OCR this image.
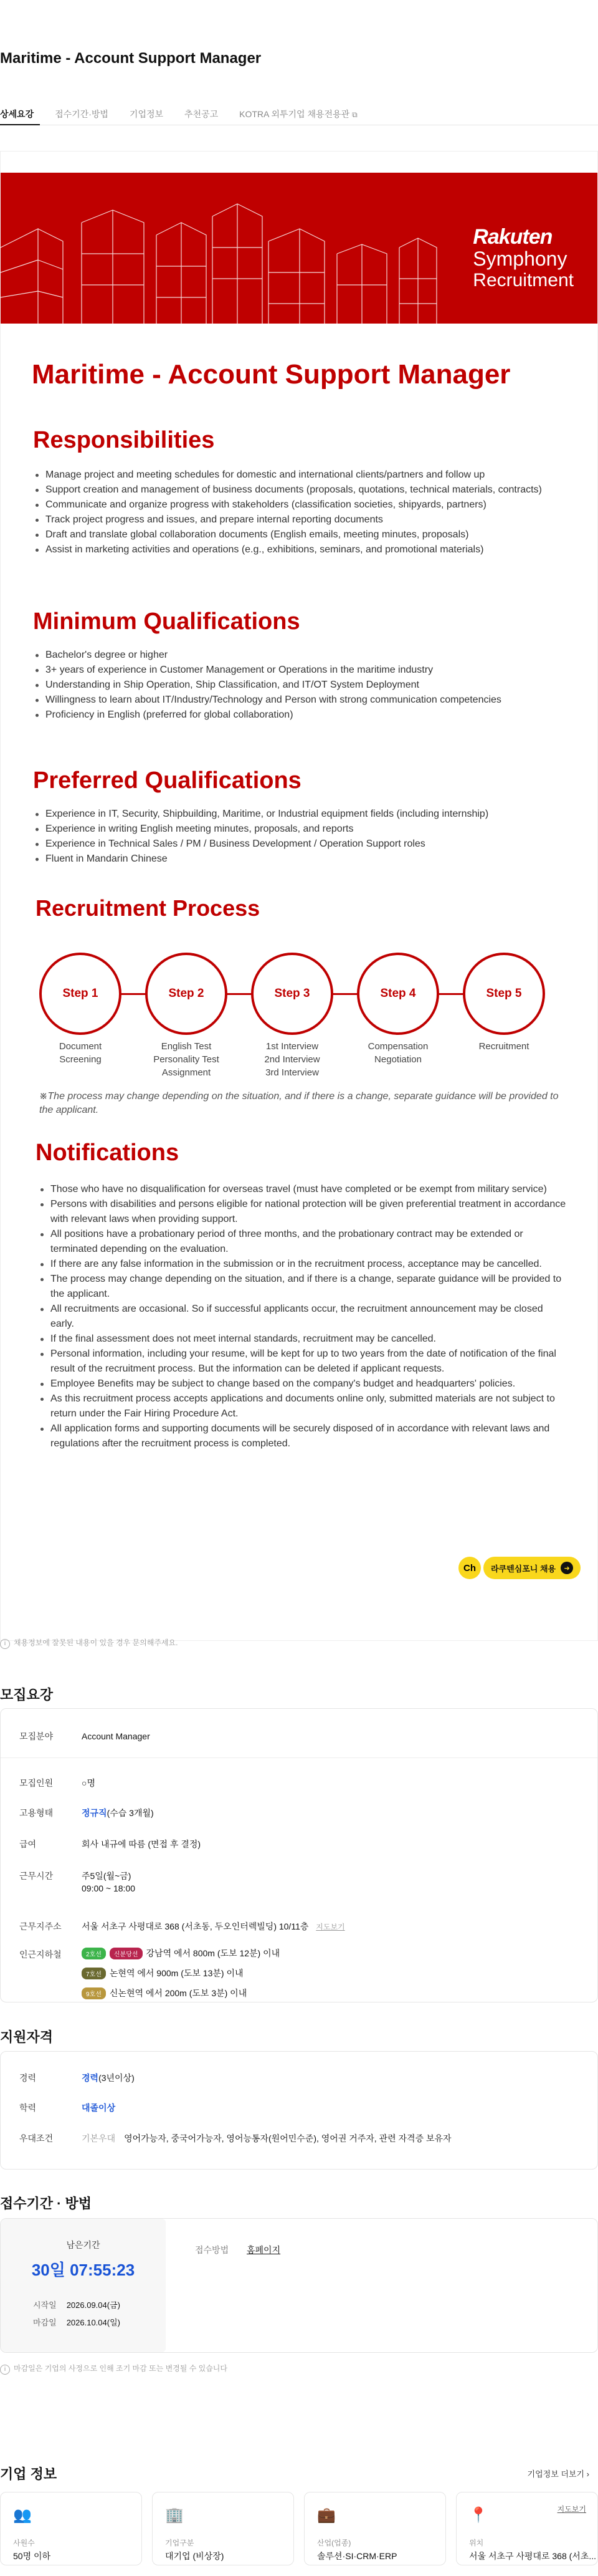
Maritime - Account Support Manager
상세요강	접수기간·방법	기업정보	추천공고	KOTRA 외투기업 채용전용관 ⧉
Rakuten
Symphony
Recruitment
Maritime - Account Support Manager
Responsibilities
Manage project and meeting schedules for domestic and international clients/partners and follow up
Support creation and management of business documents (proposals, quotations, technical materials, contracts)
Communicate and organize progress with stakeholders (classification societies, shipyards, partners)
Track project progress and issues, and prepare internal reporting documents
Draft and translate global collaboration documents (English emails, meeting minutes, proposals)
Assist in marketing activities and operations (e.g., exhibitions, seminars, and promotional materials)
Minimum Qualifications
Bachelor's degree or higher
3+ years of experience in Customer Management or Operations in the maritime industry
Understanding in Ship Operation, Ship Classification, and IT/OT System Deployment
Willingness to learn about IT/Industry/Technology and Person with strong communication competencies
Proficiency in English (preferred for global collaboration)
Preferred Qualifications
Experience in IT, Security, Shipbuilding, Maritime, or Industrial equipment fields (including internship)
Experience in writing English meeting minutes, proposals, and reports
Experience in Technical Sales / PM / Business Development / Operation Support roles
Fluent in Mandarin Chinese
Recruitment Process
Step 1
Document
Screening
Step 2
English Test
Personality Test
Assignment
Step 3
1st Interview
2nd Interview
3rd Interview
Step 4
Compensation
Negotiation
Step 5
Recruitment
※The process may change depending on the situation, and if there is a change, separate guidance will be provided to the applicant.
Notifications
Those who have no disqualification for overseas travel (must have completed or be exempt from military service)
Persons with disabilities and persons eligible for national protection will be given preferential treatment in accordance with relevant laws when providing support.
All positions have a probationary period of three months, and the probationary contract may be extended or terminated depending on the evaluation.
If there are any false information in the submission or in the recruitment process, acceptance may be cancelled.
The process may change depending on the situation, and if there is a change, separate guidance will be provided to the applicant.
All recruitments are occasional. So if successful applicants occur, the recruitment announcement may be closed early.
If the final assessment does not meet internal standards, recruitment may be cancelled.
Personal information, including your resume, will be kept for up to two years from the date of notification of the final result of the recruitment process. But the information can be deleted if applicant requests.
Employee Benefits may be subject to change based on the company's budget and headquarters' policies.
As this recruitment process accepts applications and documents online only, submitted materials are not subject to return under the Fair Hiring Procedure Act.
All application forms and supporting documents will be securely disposed of in accordance with relevant laws and regulations after the recruitment process is completed.
Ch	라쿠텐심포니 채용	➜
i 채용정보에 잘못된 내용이 있을 경우 문의해주세요.
모집요강
모집분야	Account Manager
모집인원	○명
고용형태	정규직(수습 3개월)
급여	회사 내규에 따름 (면접 후 결정)
근무시간	주5일(월~금)
09:00 ~ 18:00
근무지주소 서울 서초구 사평대로 368 (서초동, 두오인터렉빌딩) 10/11층 지도보기
인근지하철	2호선 신분당선 강남역 에서 800m (도보 12분) 이내
7호선 논현역 에서 900m (도보 13분) 이내
9호선 신논현역 에서 200m (도보 3분) 이내
지원자격
경력	경력(3년이상)
학력	대졸이상
우대조건	기본우대 영어가능자, 중국어가능자, 영어능통자(원어민수준), 영어권 거주자, 관련 자격증 보유자
접수기간 · 방법
남은기간
30일 07:55:23
시작일 2026.09.04(금)
마감일 2026.10.04(일)
접수방법 홈페이지
i 마감일은 기업의 사정으로 인해 조기 마감 또는 변경될 수 있습니다
기업 정보	기업정보 더보기 ›
👥
사원수
50명 이하
🏢
기업구분
대기업 (비상장)
💼
산업(업종)
솔루션·SI·CRM·ERP
📍
위치
서울 서초구 사평대로 368 (서초...
지도보기
